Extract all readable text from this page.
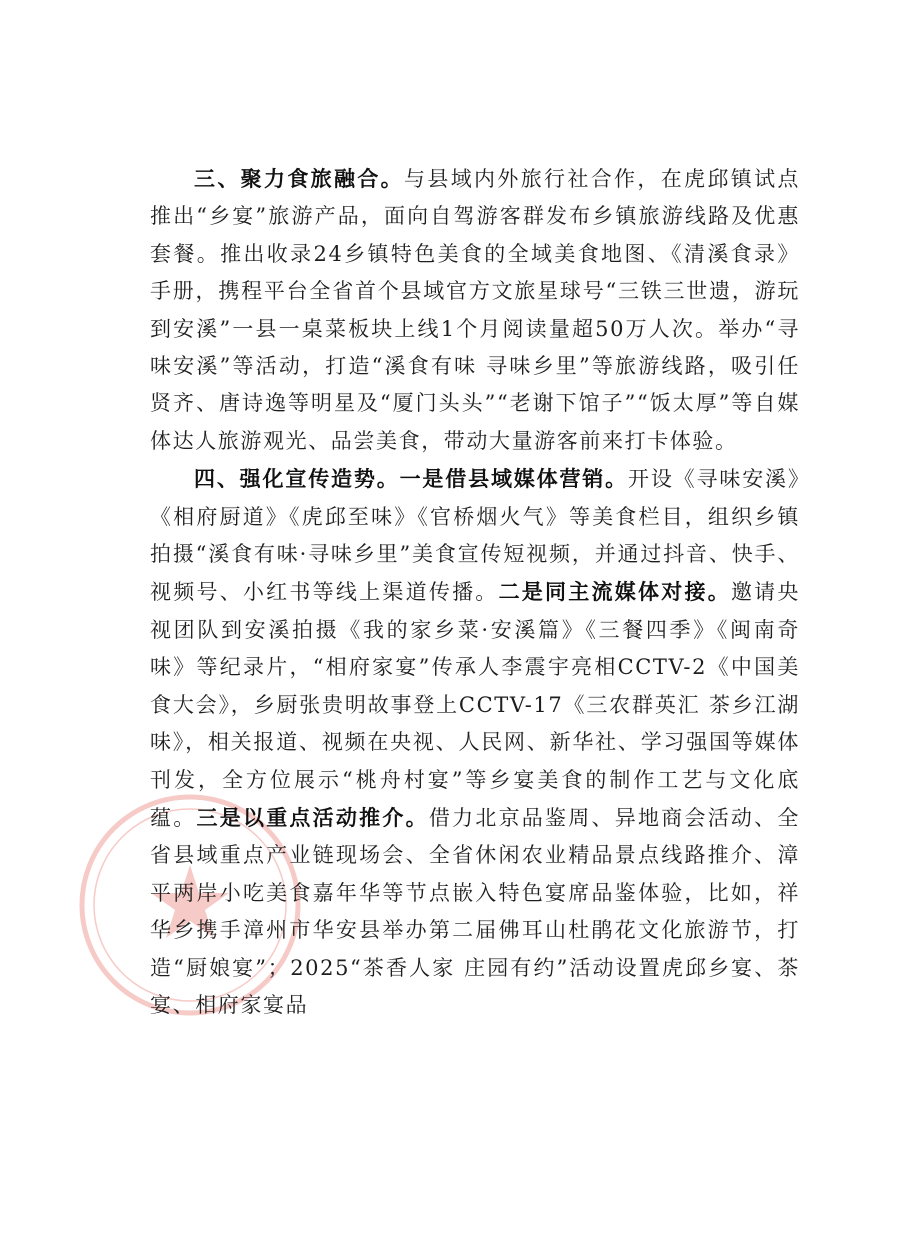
三、聚力食旅融合。与县域内外旅行社合作，在虎邱镇试点推出“乡宴”旅游产品，面向自驾游客群发布乡镇旅游线路及优惠套餐。推出收录24乡镇特色美食的全域美食地图、《清溪食录》手册，携程平台全省首个县域官方文旅星球号“三铁三世遗，游玩到安溪”一县一桌菜板块上线1个月阅读量超50万人次。举办“寻味安溪”等活动，打造“溪食有味 寻味乡里”等旅游线路，吸引任贤齐、唐诗逸等明星及“厦门头头”“老谢下馆子”“饭太厚”等自媒体达人旅游观光、品尝美食，带动大量游客前来打卡体验。

四、强化宣传造势。一是借县域媒体营销。开设《寻味安溪》《相府厨道》《虎邱至味》《官桥烟火气》等美食栏目，组织乡镇拍摄“溪食有味·寻味乡里”美食宣传短视频，并通过抖音、快手、视频号、小红书等线上渠道传播。二是同主流媒体对接。邀请央视团队到安溪拍摄《我的家乡菜·安溪篇》《三餐四季》《闽南奇味》等纪录片，“相府家宴”传承人李震宇亮相CCTV-2《中国美食大会》，乡厨张贵明故事登上CCTV-17《三农群英汇 茶乡江湖味》，相关报道、视频在央视、人民网、新华社、学习强国等媒体刊发，全方位展示“桃舟村宴”等乡宴美食的制作工艺与文化底蕴。三是以重点活动推介。借力北京品鉴周、异地商会活动、全省县域重点产业链现场会、全省休闲农业精品景点线路推介、漳平两岸小吃美食嘉年华等节点嵌入特色宴席品鉴体验，比如，祥华乡携手漳州市华安县举办第二届佛耳山杜鹃花文化旅游节，打造“厨娘宴”；2025“茶香人家 庄园有约”活动设置虎邱乡宴、茶宴、相府家宴品
